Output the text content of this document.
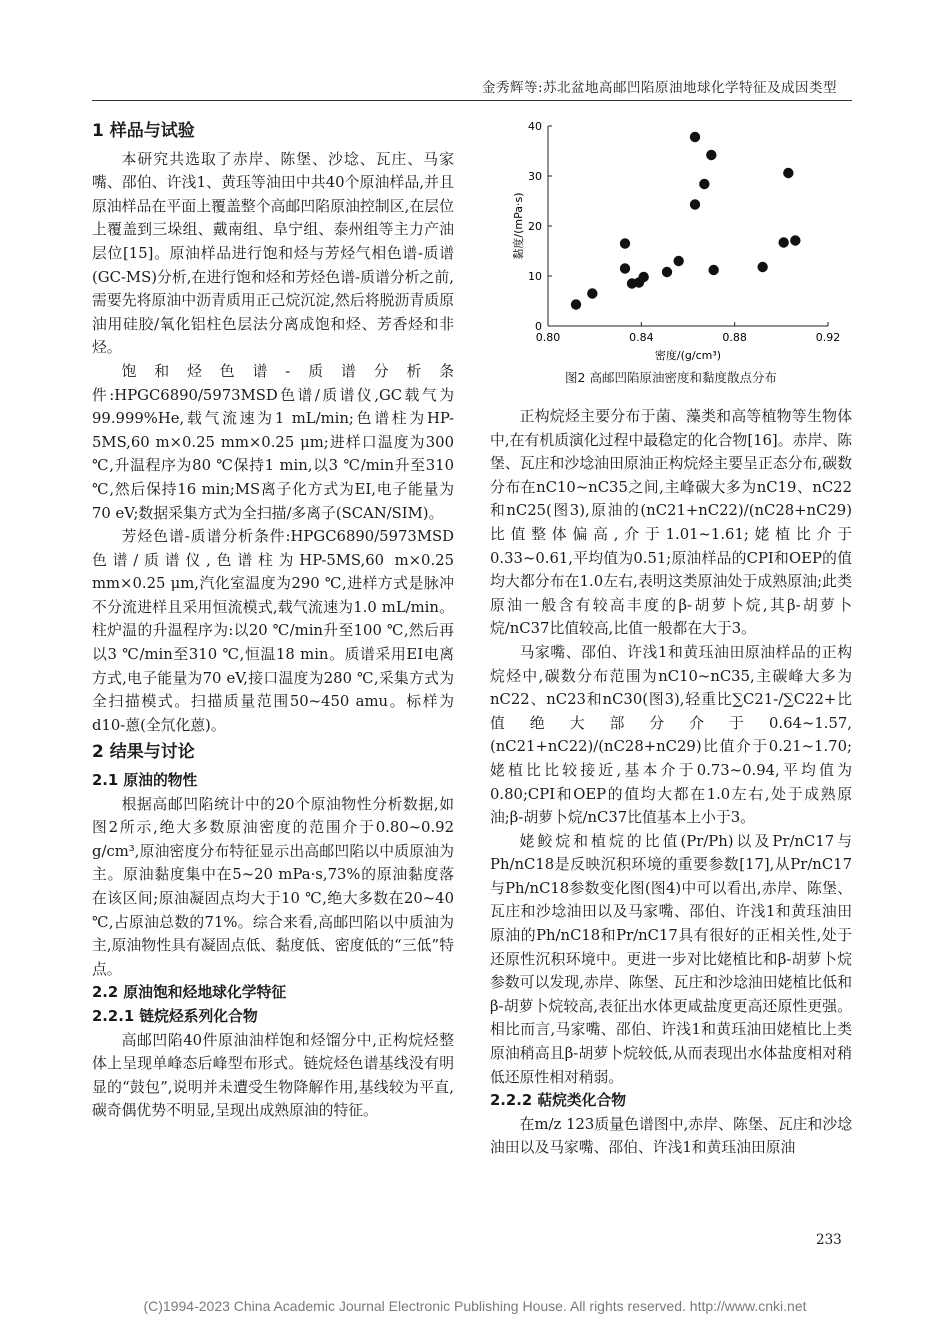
金秀辉等:苏北盆地高邮凹陷原油地球化学特征及成因类型
1 样品与试验

本研究共选取了赤岸、陈堡、沙埝、瓦庄、马家嘴、邵伯、许浅1、黄珏等油田中共40个原油样品,并且原油样品在平面上覆盖整个高邮凹陷原油控制区,在层位上覆盖到三垛组、戴南组、阜宁组、泰州组等主力产油层位[15]。原油样品进行饱和烃与芳烃气相色谱-质谱(GC-MS)分析,在进行饱和烃和芳烃色谱-质谱分析之前,需要先将原油中沥青质用正己烷沉淀,然后将脱沥青质原油用硅胶/氧化铝柱色层法分离成饱和烃、芳香烃和非烃。

饱和烃色谱-质谱分析条件:HPGC6890/5973MSD色谱/质谱仪,GC载气为99.999%He,载气流速为1 mL/min;色谱柱为HP-5MS,60 m×0.25 mm×0.25 μm;进样口温度为300 ℃,升温程序为80 ℃保持1 min,以3 ℃/min升至310 ℃,然后保持16 min;MS离子化方式为EI,电子能量为70 eV;数据采集方式为全扫描/多离子(SCAN/SIM)。

芳烃色谱-质谱分析条件:HPGC6890/5973MSD色谱/质谱仪,色谱柱为HP-5MS,60 m×0.25 mm×0.25 μm,汽化室温度为290 ℃,进样方式是脉冲不分流进样且采用恒流模式,载气流速为1.0 mL/min。柱炉温的升温程序为:以20 ℃/min升至100 ℃,然后再以3 ℃/min至310 ℃,恒温18 min。质谱采用EI电离方式,电子能量为70 eV,接口温度为280 ℃,采集方式为全扫描模式。扫描质量范围50~450 amu。标样为d10-蒽(全氘化蒽)。

2 结果与讨论
2.1 原油的物性

根据高邮凹陷统计中的20个原油物性分析数据,如图2所示,绝大多数原油密度的范围介于0.80~0.92 g/cm³,原油密度分布特征显示出高邮凹陷以中质原油为主。原油黏度集中在5~20 mPa·s,73%的原油黏度落在该区间;原油凝固点均大于10 ℃,绝大多数在20~40 ℃,占原油总数的71%。综合来看,高邮凹陷以中质油为主,原油物性具有凝固点低、黏度低、密度低的“三低”特点。

2.2 原油饱和烃地球化学特征
2.2.1 链烷烃系列化合物

高邮凹陷40件原油油样饱和烃馏分中,正构烷烃整体上呈现单峰态后峰型布形式。链烷烃色谱基线没有明显的“鼓包”,说明并未遭受生物降解作用,基线较为平直,碳奇偶优势不明显,呈现出成熟原油的特征。

0.80	0.84	0.88	0.92
0
10
20
30
40
密度/(g/cm³)
黏度/(mPa·s)
图2 高邮凹陷原油密度和黏度散点分布

正构烷烃主要分布于菌、藻类和高等植物等生物体中,在有机质演化过程中最稳定的化合物[16]。赤岸、陈堡、瓦庄和沙埝油田原油正构烷烃主要呈正态分布,碳数分布在nC10~nC35之间,主峰碳大多为nC19、nC22和nC25(图3),原油的(nC21+nC22)/(nC28+nC29)比值整体偏高,介于1.01~1.61;姥植比介于0.33~0.61,平均值为0.51;原油样品的CPI和OEP的值均大都分布在1.0左右,表明这类原油处于成熟原油;此类原油一般含有较高丰度的β-胡萝卜烷,其β-胡萝卜烷/nC37比值较高,比值一般都在大于3。

马家嘴、邵伯、许浅1和黄珏油田原油样品的正构烷烃中,碳数分布范围为nC10~nC35,主碳峰大多为nC22、nC23和nC30(图3),轻重比∑C21-/∑C22+比值绝大部分介于0.64~1.57,(nC21+nC22)/(nC28+nC29)比值介于0.21~1.70;姥植比比较接近,基本介于0.73~0.94,平均值为0.80;CPI和OEP的值均大都在1.0左右,处于成熟原油;β-胡萝卜烷/nC37比值基本上小于3。

姥鲛烷和植烷的比值(Pr/Ph)以及Pr/nC17与Ph/nC18是反映沉积环境的重要参数[17],从Pr/nC17与Ph/nC18参数变化图(图4)中可以看出,赤岸、陈堡、瓦庄和沙埝油田以及马家嘴、邵伯、许浅1和黄珏油田原油的Ph/nC18和Pr/nC17具有很好的正相关性,处于还原性沉积环境中。更进一步对比姥植比和β-胡萝卜烷参数可以发现,赤岸、陈堡、瓦庄和沙埝油田姥植比低和β-胡萝卜烷较高,表征出水体更咸盐度更高还原性更强。相比而言,马家嘴、邵伯、许浅1和黄珏油田姥植比上类原油稍高且β-胡萝卜烷较低,从而表现出水体盐度相对稍低还原性相对稍弱。

2.2.2 萜烷类化合物

在m/z 123质量色谱图中,赤岸、陈堡、瓦庄和沙埝油田以及马家嘴、邵伯、许浅1和黄珏油田原油

233
(C)1994-2023 China Academic Journal Electronic Publishing House. All rights reserved. http://www.cnki.net
